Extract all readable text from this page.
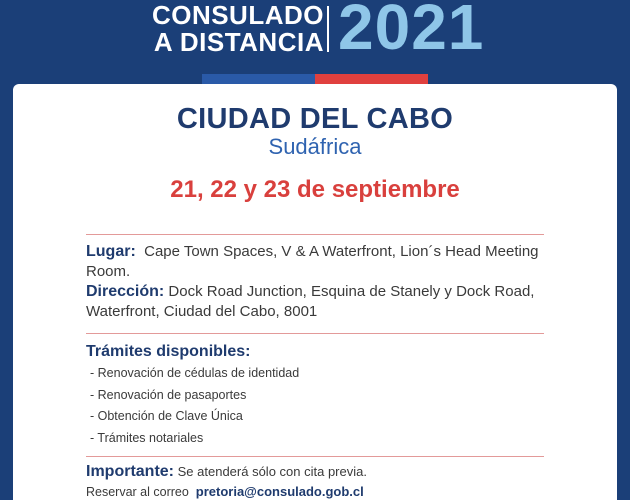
CONSULADO
A DISTANCIA 2021
CIUDAD DEL CABO
Sudáfrica
21, 22 y 23 de septiembre

Lugar: Cape Town Spaces, V & A Waterfront, Lion´s Head Meeting Room.

Dirección: Dock Road Junction, Esquina de Stanely y Dock Road, Waterfront, Ciudad del Cabo, 8001

Trámites disponibles:
- Renovación de cédulas de identidad
- Renovación de pasaportes
- Obtención de Clave Única
- Trámites notariales
Importante: Se atenderá sólo con cita previa.
Reservar al correo pretoria@consulado.gob.cl
